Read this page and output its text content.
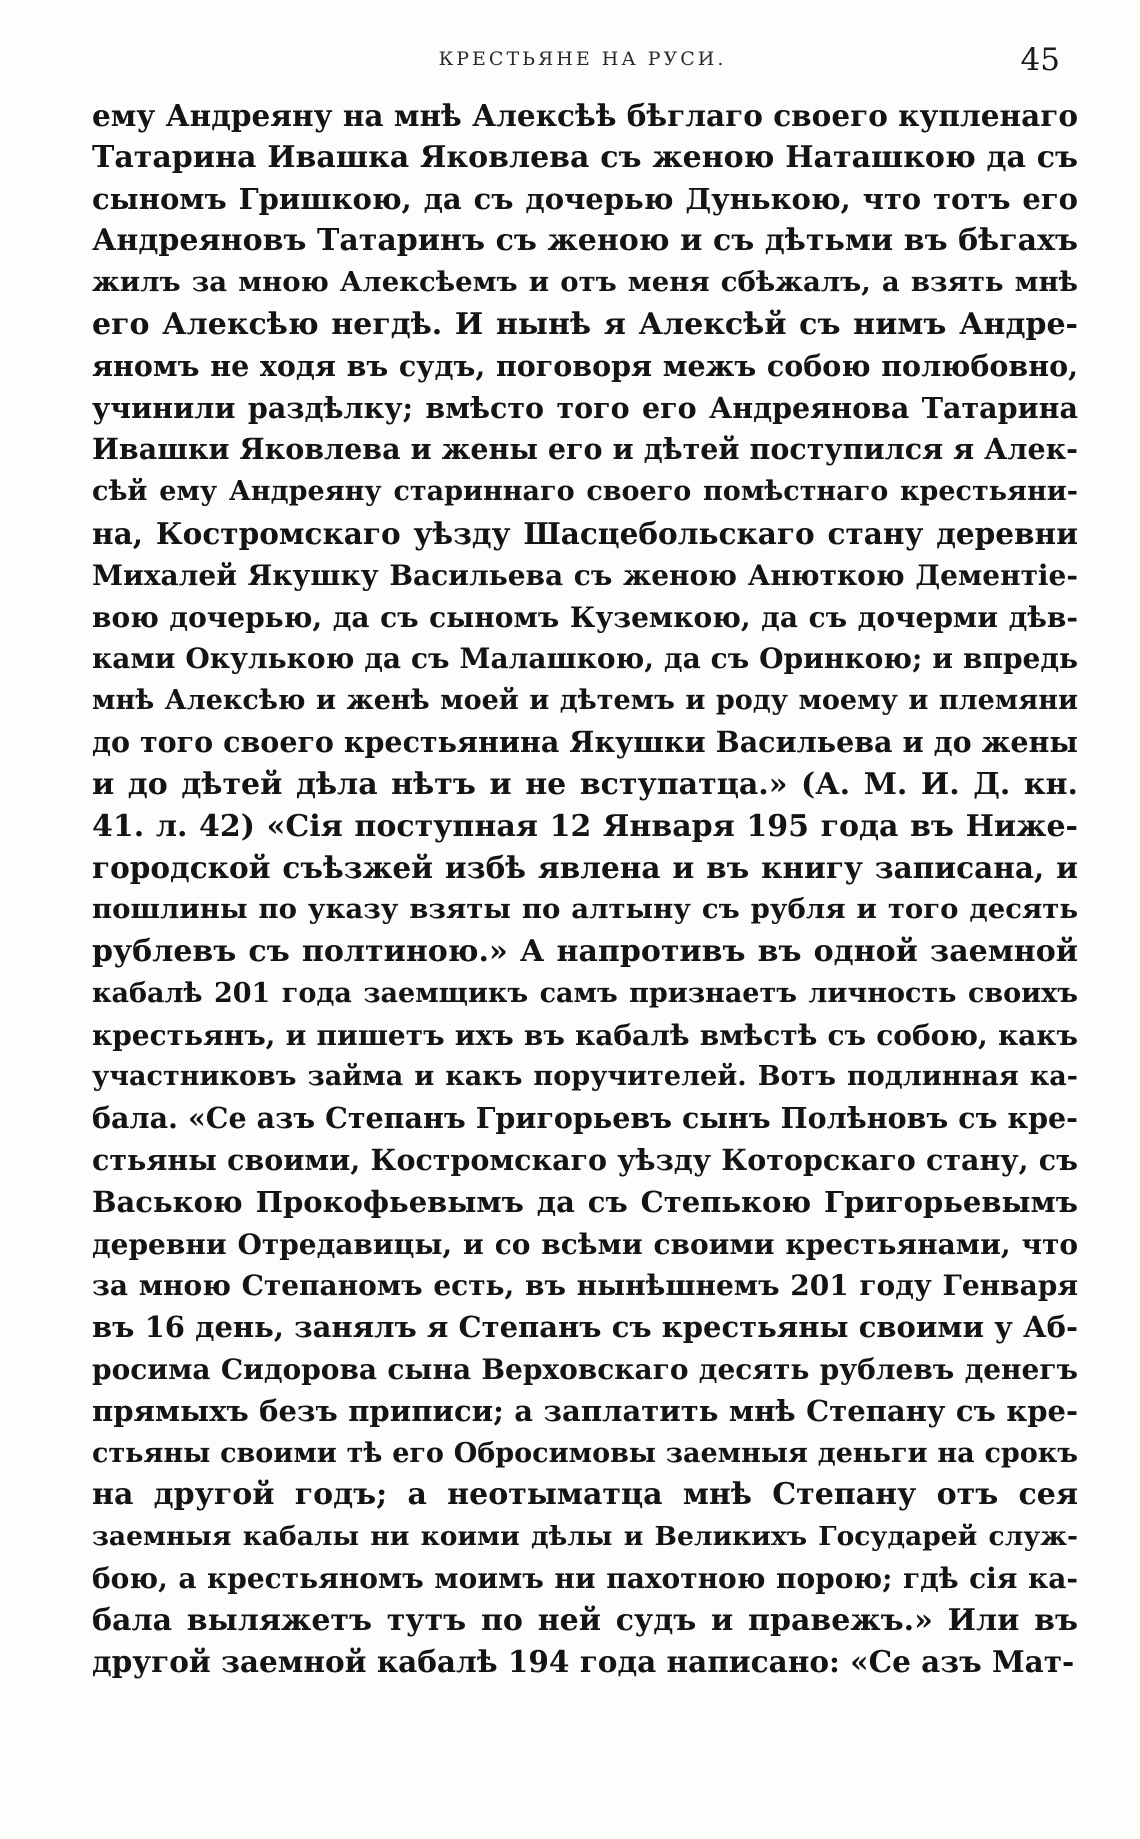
КРЕСТЬЯНЕ НА РУСИ.	45
ему Андреяну на мнѣ Алексѣѣ бѣглаго своего купленаго
Татарина Ивашка Яковлева съ женою Наташкою да съ
сыномъ Гришкою, да съ дочерью Дунькою, что тотъ его
Андреяновъ Татаринъ съ женою и съ дѣтьми въ бѣгахъ
жилъ за мною Алексѣемъ и отъ меня сбѣжалъ, а взять мнѣ
его Алексѣю негдѣ. И нынѣ я Алексѣй съ нимъ Андре-
яномъ не ходя въ судъ, поговоря межъ собою полюбовно,
учинили раздѣлку; вмѣсто того его Андреянова Татарина
Ивашки Яковлева и жены его и дѣтей поступился я Алек-
сѣй ему Андреяну стариннаго своего помѣстнаго крестьяни-
на, Костромскаго уѣзду Шасцебольскаго стану деревни
Михалей Якушку Васильева съ женою Анюткою Дементіе-
вою дочерью, да съ сыномъ Куземкою, да съ дочерми дѣв-
ками Окулькою да съ Малашкою, да съ Оринкою; и впредь
мнѣ Алексѣю и женѣ моей и дѣтемъ и роду моему и племяни
до того своего крестьянина Якушки Васильева и до жены
и до дѣтей дѣла нѣтъ и не вступатца.» (А. М. И. Д. кн.
41. л. 42) «Сія поступная 12 Января 195 года въ Ниже-
городской съѣзжей избѣ явлена и въ книгу записана, и
пошлины по указу взяты по алтыну съ рубля и того десять
рублевъ съ полтиною.» А напротивъ въ одной заемной
кабалѣ 201 года заемщикъ самъ признаетъ личность своихъ
крестьянъ, и пишетъ ихъ въ кабалѣ вмѣстѣ съ собою, какъ
участниковъ займа и какъ поручителей. Вотъ подлинная ка-
бала. «Се азъ Степанъ Григорьевъ сынъ Полѣновъ съ кре-
стьяны своими, Костромскаго уѣзду Которскаго стану, съ
Ваською Прокофьевымъ да съ Степькою Григорьевымъ
деревни Отредавицы, и со всѣми своими крестьянами, что
за мною Степаномъ есть, въ нынѣшнемъ 201 году Генваря
въ 16 день, занялъ я Степанъ съ крестьяны своими у Аб-
росима Сидорова сына Верховскаго десять рублевъ денегъ
прямыхъ безъ приписи; а заплатить мнѣ Степану съ кре-
стьяны своими тѣ его Обросимовы заемныя деньги на срокъ
на другой годъ; а неотыматца мнѣ Степану отъ сея
заемныя кабалы ни коими дѣлы и Великихъ Государей служ-
бою, а крестьяномъ моимъ ни пахотною порою; гдѣ сія ка-
бала выляжетъ тутъ по ней судъ и правежъ.» Или въ
другой заемной кабалѣ 194 года написано: «Се азъ Мат-
